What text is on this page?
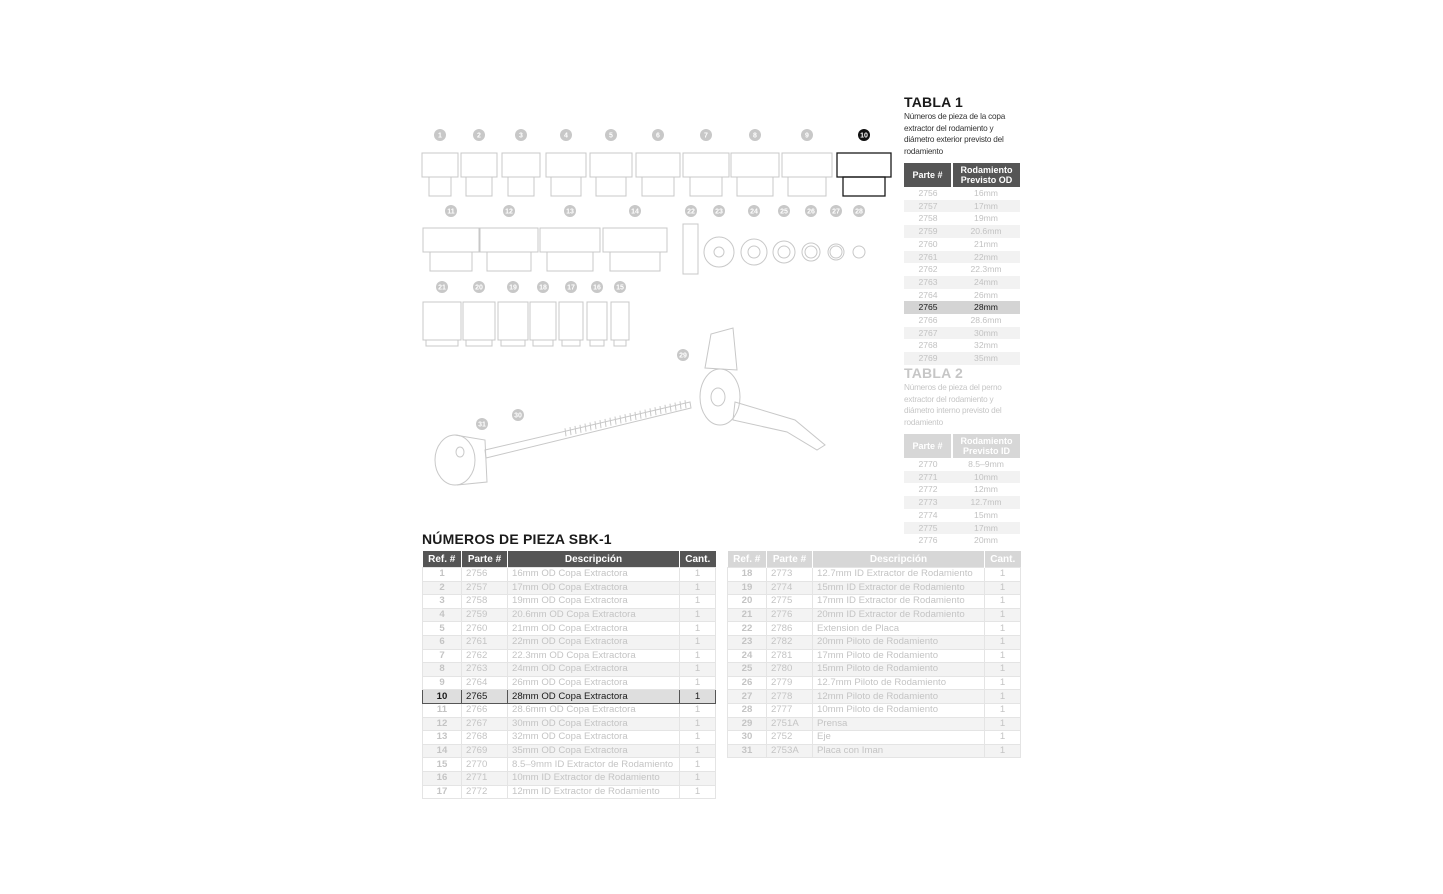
1	2	3	4	5	6	7	8	9	10
11	12	13	14	22	23	24	25	26 27 28
21	20	19	18	17	16 15
29
30
31
TABLA 1

Números de pieza de la copa extractor del rodamiento y diámetro exterior previsto del rodamiento

Parte #	Rodamiento Previsto OD
2756	16mm
2757	17mm
2758	19mm
2759	20.6mm
2760	21mm
2761	22mm
2762	22.3mm
2763	24mm
2764	26mm
2765	28mm
2766	28.6mm
2767	30mm
2768	32mm
2769	35mm
TABLA 2

Números de pieza del perno extractor del rodamiento y diámetro interno previsto del rodamiento

Parte #	Rodamiento Previsto ID
2770	8.5–9mm
2771	10mm
2772	12mm
2773	12.7mm
2774	15mm
2775	17mm
2776	20mm
NÚMEROS DE PIEZA SBK-1
Ref. #	Parte #	Descripción	Cant.
1	2756	16mm OD Copa Extractora	1
2	2757	17mm OD Copa Extractora	1
3	2758	19mm OD Copa Extractora	1
4	2759	20.6mm OD Copa Extractora	1
5	2760	21mm OD Copa Extractora	1
6	2761	22mm OD Copa Extractora	1
7	2762	22.3mm OD Copa Extractora	1
8	2763	24mm OD Copa Extractora	1
9	2764	26mm OD Copa Extractora	1
10	2765	28mm OD Copa Extractora	1
11	2766	28.6mm OD Copa Extractora	1
12	2767	30mm OD Copa Extractora	1
13	2768	32mm OD Copa Extractora	1
14	2769	35mm OD Copa Extractora	1
15	2770	8.5–9mm ID Extractor de Rodamiento	1
16	2771	10mm ID Extractor de Rodamiento	1
17	2772	12mm ID Extractor de Rodamiento	1
Ref. #	Parte #	Descripción	Cant.
18	2773	12.7mm ID Extractor de Rodamiento	1
19	2774	15mm ID Extractor de Rodamiento	1
20	2775	17mm ID Extractor de Rodamiento	1
21	2776	20mm ID Extractor de Rodamiento	1
22	2786	Extension de Placa	1
23	2782	20mm Piloto de Rodamiento	1
24	2781	17mm Piloto de Rodamiento	1
25	2780	15mm Piloto de Rodamiento	1
26	2779	12.7mm Piloto de Rodamiento	1
27	2778	12mm Piloto de Rodamiento	1
28	2777	10mm Piloto de Rodamiento	1
29	2751A	Prensa	1
30	2752	Eje	1
31	2753A	Placa con Iman	1
